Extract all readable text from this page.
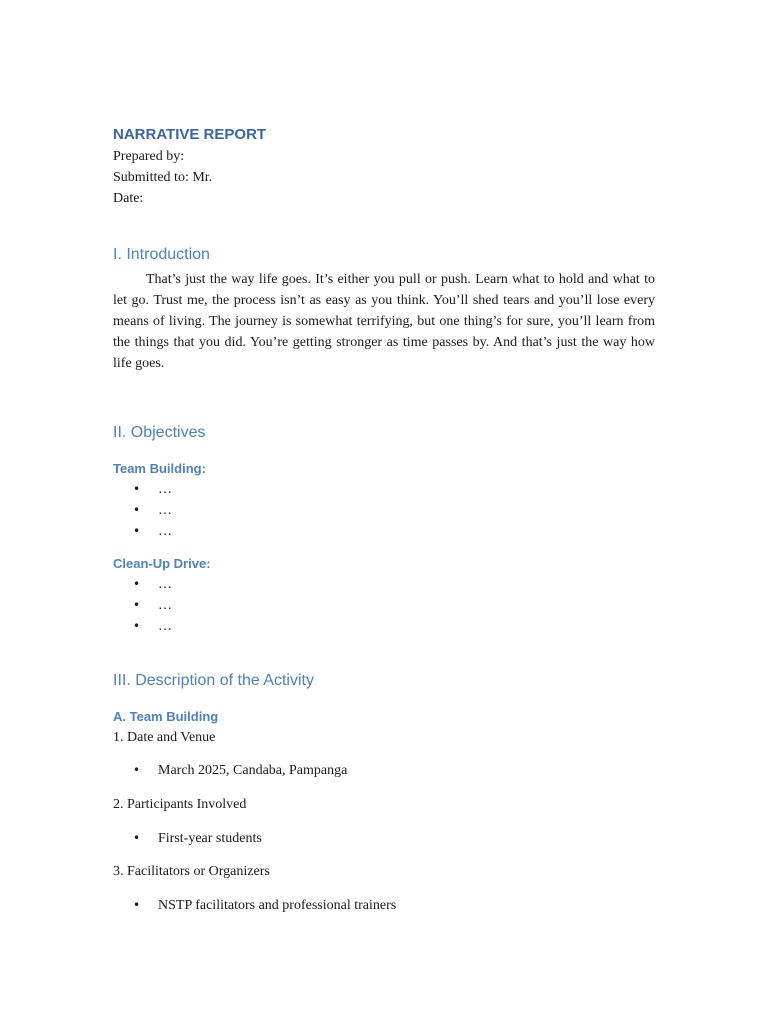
NARRATIVE REPORT

Prepared by:

Submitted to: Mr.

Date:

I. Introduction

That’s just the way life goes. It’s either you pull or push. Learn what to hold and what to let go. Trust me, the process isn’t as easy as you think. You’ll shed tears and you’ll lose every means of living. The journey is somewhat terrifying, but one thing’s for sure, you’ll learn from the things that you did. You’re getting stronger as time passes by. And that’s just the way how life goes.

II. Objectives

Team Building:

• …
• …
• …

Clean-Up Drive:

• …
• …
• …

III. Description of the Activity

A. Team Building

1. Date and Venue

• March 2025, Candaba, Pampanga

2. Participants Involved

• First-year students

3. Facilitators or Organizers

• NSTP facilitators and professional trainers
